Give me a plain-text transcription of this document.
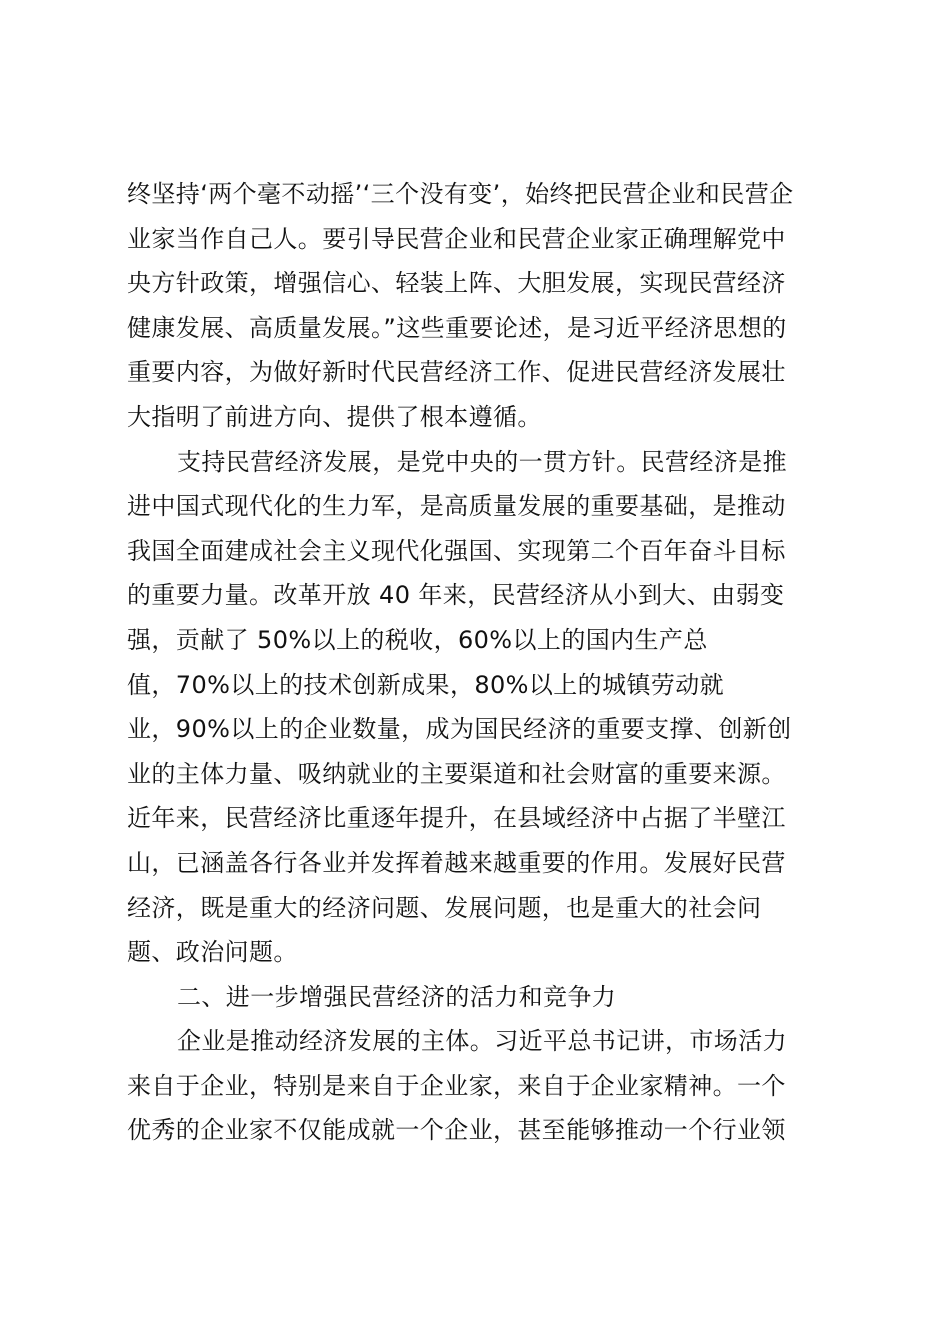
终坚持‘两个毫不动摇’‘三个没有变’，始终把民营企业和民营企
业家当作自己人。要引导民营企业和民营企业家正确理解党中
央方针政策，增强信心、轻装上阵、大胆发展，实现民营经济
健康发展、高质量发展。”这些重要论述，是习近平经济思想的
重要内容，为做好新时代民营经济工作、促进民营经济发展壮
大指明了前进方向、提供了根本遵循。
支持民营经济发展，是党中央的一贯方针。民营经济是推
进中国式现代化的生力军，是高质量发展的重要基础，是推动
我国全面建成社会主义现代化强国、实现第二个百年奋斗目标
的重要力量。改革开放 40 年来，民营经济从小到大、由弱变
强，贡献了 50%以上的税收，60%以上的国内生产总
值，70%以上的技术创新成果，80%以上的城镇劳动就
业，90%以上的企业数量，成为国民经济的重要支撑、创新创
业的主体力量、吸纳就业的主要渠道和社会财富的重要来源。
近年来，民营经济比重逐年提升，在县域经济中占据了半壁江
山，已涵盖各行各业并发挥着越来越重要的作用。发展好民营
经济，既是重大的经济问题、发展问题，也是重大的社会问
题、政治问题。
二、进一步增强民营经济的活力和竞争力
企业是推动经济发展的主体。习近平总书记讲，市场活力
来自于企业，特别是来自于企业家，来自于企业家精神。一个
优秀的企业家不仅能成就一个企业，甚至能够推动一个行业领
